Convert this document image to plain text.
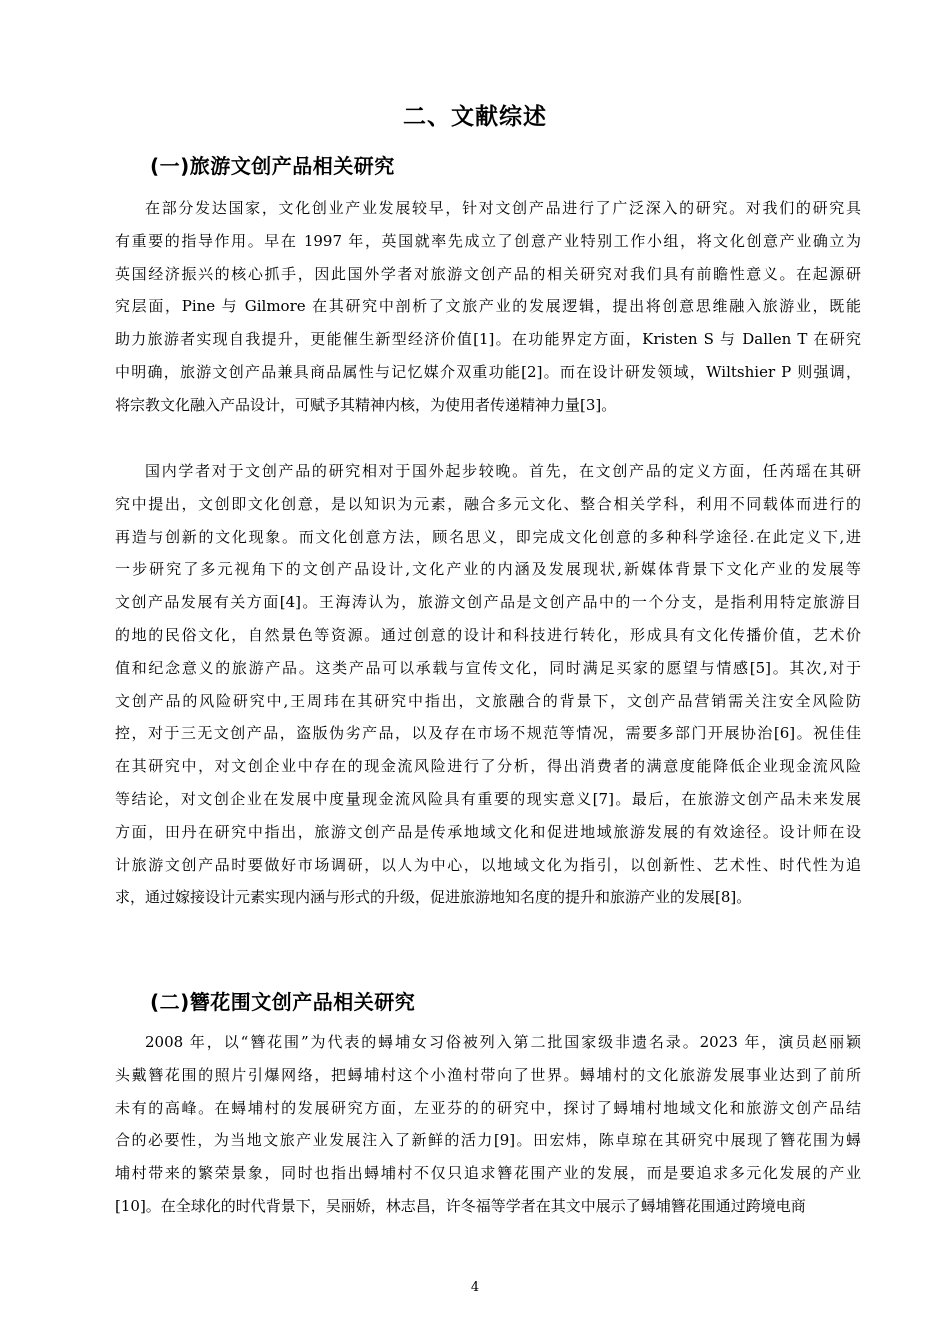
二、文献综述
(一)旅游文创产品相关研究
在部分发达国家，文化创业产业发展较早，针对文创产品进行了广泛深入的研究。对我们的研究具
有重要的指导作用。早在 1997 年，英国就率先成立了创意产业特别工作小组，将文化创意产业确立为
英国经济振兴的核心抓手，因此国外学者对旅游文创产品的相关研究对我们具有前瞻性意义。在起源研
究层面，Pine 与 Gilmore 在其研究中剖析了文旅产业的发展逻辑，提出将创意思维融入旅游业，既能
助力旅游者实现自我提升，更能催生新型经济价值[1]。在功能界定方面，Kristen S 与 Dallen T 在研究
中明确，旅游文创产品兼具商品属性与记忆媒介双重功能[2]。而在设计研发领域，Wiltshier P 则强调，
将宗教文化融入产品设计，可赋予其精神内核，为使用者传递精神力量[3]。
国内学者对于文创产品的研究相对于国外起步较晚。首先，在文创产品的定义方面，任芮瑶在其研
究中提出，文创即文化创意，是以知识为元素，融合多元文化、整合相关学科，利用不同载体而进行的
再造与创新的文化现象。而文化创意方法，顾名思义，即完成文化创意的多种科学途径.在此定义下,进
一步研究了多元视角下的文创产品设计,文化产业的内涵及发展现状,新媒体背景下文化产业的发展等
文创产品发展有关方面[4]。王海涛认为，旅游文创产品是文创产品中的一个分支，是指利用特定旅游目
的地的民俗文化，自然景色等资源。通过创意的设计和科技进行转化，形成具有文化传播价值，艺术价
值和纪念意义的旅游产品。这类产品可以承载与宣传文化，同时满足买家的愿望与情感[5]。其次,对于
文创产品的风险研究中,王周玮在其研究中指出，文旅融合的背景下，文创产品营销需关注安全风险防
控，对于三无文创产品，盗版伪劣产品，以及存在市场不规范等情况，需要多部门开展协治[6]。祝佳佳
在其研究中，对文创企业中存在的现金流风险进行了分析，得出消费者的满意度能降低企业现金流风险
等结论，对文创企业在发展中度量现金流风险具有重要的现实意义[7]。最后，在旅游文创产品未来发展
方面，田丹在研究中指出，旅游文创产品是传承地域文化和促进地域旅游发展的有效途径。设计师在设
计旅游文创产品时要做好市场调研，以人为中心，以地域文化为指引，以创新性、艺术性、时代性为追
求，通过嫁接设计元素实现内涵与形式的升级，促进旅游地知名度的提升和旅游产业的发展[8]。
(二)簪花围文创产品相关研究
2008 年，以“簪花围”为代表的蟳埔女习俗被列入第二批国家级非遗名录。2023 年，演员赵丽颖
头戴簪花围的照片引爆网络，把蟳埔村这个小渔村带向了世界。蟳埔村的文化旅游发展事业达到了前所
未有的高峰。在蟳埔村的发展研究方面，左亚芬的的研究中，探讨了蟳埔村地域文化和旅游文创产品结
合的必要性，为当地文旅产业发展注入了新鲜的活力[9]。田宏炜，陈卓琼在其研究中展现了簪花围为蟳
埔村带来的繁荣景象，同时也指出蟳埔村不仅只追求簪花围产业的发展，而是要追求多元化发展的产业
[10]。在全球化的时代背景下，吴丽娇，林志昌，许冬福等学者在其文中展示了蟳埔簪花围通过跨境电商
4
